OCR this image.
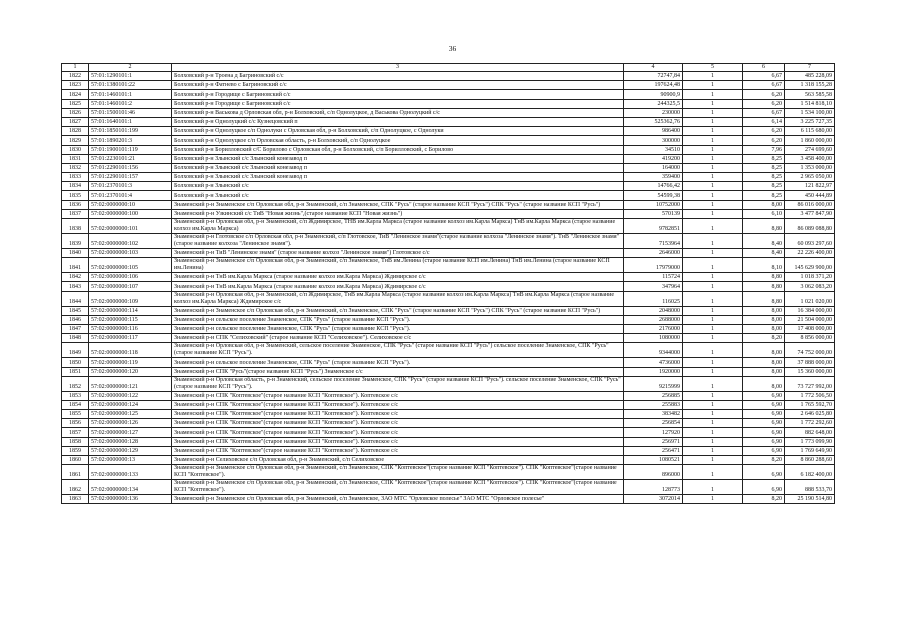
36
1	2	3	4	5	6	7
1822	57:01:1290101:1	Болховский р-н Троена д Багриновский с/с	72747,84	1	6,67	485 228,09
1823	57:01:1380101:22	Болховский р-н Фатнево с Багриновский с/с	197624,48	1	6,67	1 318 155,28
1824	57:01:1460101:1	Болховский р-н Городище с Багриновский с/с	90900,9	1	6,20	563 585,58
1825	57:01:1460101:2	Болховский р-н Городище с Багриновский с/с	244325,5	1	6,20	1 514 818,10
1826	57:01:1500101:46	Болховский р-н Васькова д Орловская обл, р-н Болховский, с/п Однолуцкое, д Васькова Однолуцкий с/с	230000	1	6,67	1 534 100,00
1827	57:01:1640101:1	Болховский р-н Однолуцкий с/с Кузнецовский п	525362,76	1	6,14	3 225 727,35
1828	57:01:1850101:199	Болховский р-н Однолуцкое с/п Однолуки с Орловская обл, р-н Болховский, с/п Однолуцкое, с Однолуки	986400	1	6,20	6 115 680,00
1829	57:01:1890201:3	Болховский р-н Однолуцкое с/п Орловская область, р-н Болховский, с/п Однолуцкое	300000	1	6,20	1 860 000,00
1830	57:01:1900101:119	Болховский р-н Борилловский с/С Борилово с Орловская обл, р-н Болховский, с/п Борилловский, с Борилово	34510	1	7,96	274 699,60
1831	57:01:2230101:21	Болховский р-н Злынский с/с Злынский конезавод п	419200	1	8,25	3 458 400,00
1832	57:01:2290101:156	Болховский р-н Злынский с/с Злынский конезавод п	164000	1	8,25	1 353 000,00
1833	57:01:2290101:157	Болховский р-н Злынский с/с Злынский конезавод п	359400	1	8,25	2 965 050,00
1834	57:01:2370101:3	Болховский р-н Злынский с/с	14766,42	1	8,25	121 822,97
1835	57:01:2370101:4	Болховский р-н Злынский с/с	54599,38	1	8,25	450 444,89
1836	57:02:0000000:10	Знаменский р-н Знаменское с/п Орловская обл, р-н Знаменский, с/п Знаменское, СПК "Русь" (старое название КСП "Русь") СПК "Русь" (старое название КСП "Русь")	10752000	1	8,00	86 016 000,00
1837	57:02:0000000:100	Знаменский р-н Узкинский с/с ТиВ "Новая жизнь",(старое название КСП "Новая жизнь")	570139	1	6,10	3 477 847,90
1838	57:02:0000000:101	Знаменский р-н Орловская обл, р-н Знаменский, с/п Ждимирское, ТНВ им.Карла Маркса (старое название колхоз им.Карла Маркса) ТнВ им.Карла Маркса (старое название колхоз им.Карла Маркса)	9782851	1	8,80	86 089 088,80
1839	57:02:0000000:102	Знаменский р-н Глотовское с/п Орловская обл, р-н Знаменский, с/п Глотовское, ТиВ "Ленинское знамя"(старое название колхоза "Ленинское знамя"). ТнВ "Ленинское знамя"(старое название колхоза "Ленинское знамя").	7153964	1	8,40	60 093 297,60
1840	57:02:0000000:103	Знаменский р-н ТиВ "Ленинское знамя" (старое название колхоз "Ленинское знамя") Глотовское с/с	2646000	1	8,40	22 226 400,00
1841	57:02:0000000:105	Знаменский р-н Знаменское с/п Орловская обл, р-н Знаменский, с/п Знаменское, ТнВ им.Ленина (старое название КСП им.Ленина) ТнВ им.Ленина (старое название КСП им.Ленина)	17979000	1	8,10	145 629 900,00
1842	57:02:0000000:106	Знаменский р-н ТнВ им.Карла Маркса (старое название колхоз им.Карла Маркса) Ждимирское с/с	115724	1	8,80	1 018 371,20
1843	57:02:0000000:107	Знаменский р-н ТнВ им.Карла Маркса (старое название колхоз им.Карла Маркса) Ждимирское с/с	347964	1	8,80	3 062 083,20
1844	57:02:0000000:109	Знаменский р-н Орловская обл, р-н Знаменский, с/п Ждимирское, ТнВ им.Карла Маркса (старое название колхоз им.Карла Маркса) ТнВ им.Карла Маркса (старое название колхоз им.Карла Маркса) Ждимирское с/с	116025	1	8,80	1 021 020,00
1845	57:02:0000000:114	Знаменский р-н Знаменское с/п Орловская обл, р-н Знаменский, с/п Знаменское, СПК "Русь" (старое название КСП "Русь") СПК "Русь" (старое название КСП "Русь")	2048000	1	8,00	16 384 000,00
1846	57:02:0000000:115	Знаменский р-н сельское поселение Знаменское, СПК "Русь" (старое название КСП "Русь").	2688000	1	8,00	21 504 000,00
1847	57:02:0000000:116	Знаменский р-н сельское поселение Знаменское, СПК "Русь" (старое название КСП "Русь").	2176000	1	8,00	17 408 000,00
1848	57:02:0000000:117	Знаменский р-н СПК "Селиховский" (старое название КСП "Селиховское"). Селиховское с/с	1080000	1	8,20	8 856 000,00
1849	57:02:0000000:118	Знаменский р-н Орловская обл, р-н Знаменский, сельское поселение Знаменское, СПК "Русь" (старое название КСП "Русь") сельское поселение Знаменское, СПК "Русь" (старое название КСП "Русь").	9344000	1	8,00	74 752 000,00
1850	57:02:0000000:119	Знаменский р-н сельское поселение Знаменское, СПК "Русь" (старое название КСП "Русь").	4736000	1	8,00	37 888 000,00
1851	57:02:0000000:120	Знаменский р-н СПК "Русь"(старое название КСП "Русь") Знаменское с/с	1920000	1	8,00	15 360 000,00
1852	57:02:0000000:121	Знаменский р-н Орловская область, р-н Знаменский, сельское поселение Знаменское, СПК "Русь" (старое название КСП "Русь"). сельское поселение Знаменское, СПК "Русь" (старое название КСП "Русь").	9215999	1	8,00	73 727 992,00
1853	57:02:0000000:122	Знаменский р-н СПК "Коптевское"(старое название КСП "Коптевское"). Коптевское с/с	256885	1	6,90	1 772 506,50
1854	57:02:0000000:124	Знаменский р-н СПК "Коптевское"(старое название КСП "Коптевское"). Коптевское с/с	255883	1	6,90	1 765 592,70
1855	57:02:0000000:125	Знаменский р-н СПК "Коптевское"(старое название КСП "Коптевское"). Коптевское с/с	383482	1	6,90	2 646 025,80
1856	57:02:0000000:126	Знаменский р-н СПК "Коптевское"(старое название КСП "Коптевское"). Коптевское с/с	256854	1	6,90	1 772 292,60
1857	57:02:0000000:127	Знаменский р-н СПК "Коптевское"(старое название КСП "Коптевское"). Коптевское с/с	127920	1	6,90	882 648,00
1858	57:02:0000000:128	Знаменский р-н СПК "Коптевское"(старое название КСП "Коптевское"). Коптевское с/с	256971	1	6,90	1 773 099,90
1859	57:02:0000000:129	Знаменский р-н СПК "Коптевское"(старое название КСП "Коптевское"). Коптевское с/с	256471	1	6,90	1 769 649,90
1860	57:02:0000000:13	Знаменский р-н Селиховское с/п Орловская обл, р-н Знаменский, с/п Селиховское	1080521	1	8,20	8 860 288,60
1861	57:02:0000000:133	Знаменский р-н Знаменское с/п Орловская обл, р-н Знаменский, с/п Знаменское, СПК "Коптевское"(старое название КСП "Коптевское"). СПК "Коптевское"(старое название КСП "Коптевское").	896000	1	6,90	6 182 400,00
1862	57:02:0000000:134	Знаменский р-н Знаменское с/п Орловская обл, р-н Знаменский, с/п Знаменское, СПК "Коптевское"(старое название КСП "Коптевское"). СПК "Коптевское"(старое название КСП "Коптевское").	128773	1	6,90	888 533,70
1863	57:02:0000000:136	Знаменский р-н Знаменское с/п Орловская обл, р-н Знаменский, с/п Знаменское, ЗАО МТС "Орловское полесье" ЗАО МТС "Орловское полесье"	3072014	1	8,20	25 190 514,80
